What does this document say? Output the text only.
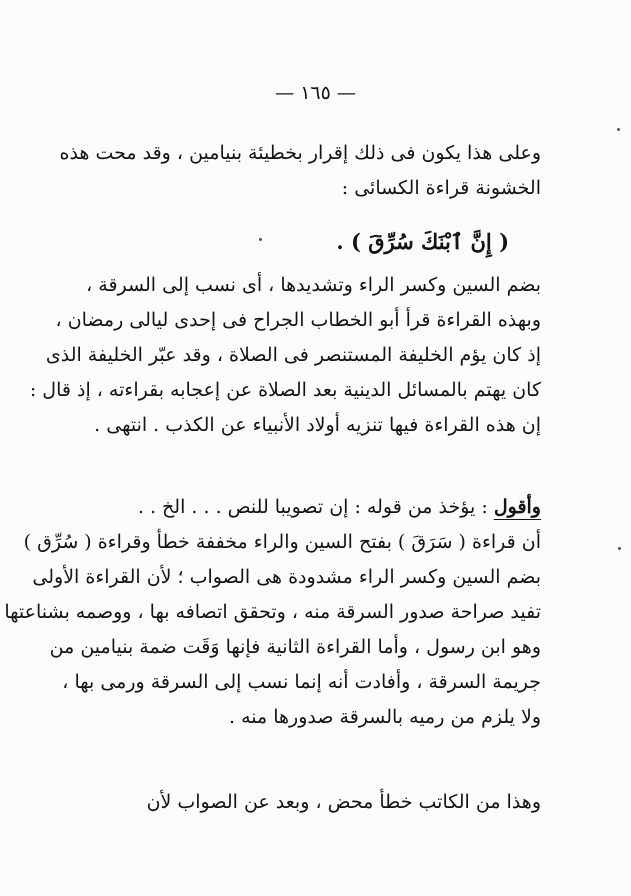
— ١٦٥ —
وعلى هذا يكون فى ذلك إقرار بخطيئة بنيامين ، وقد محت هذه
الخشونة قراءة الكسائى :
( إِنَّ ٱبْنَكَ سُرِّقَ ) .
بضم السين وكسر الراء وتشديدها ، أى نسب إلى السرقة ،
وبهذه القراءة قرأ أبو الخطاب الجراح فى إحدى ليالى رمضان ،
إذ كان يؤم الخليفة المستنصر فى الصلاة ، وقد عبّر الخليفة الذى
كان يهتم بالمسائل الدينية بعد الصلاة عن إعجابه بقراءته ، إذ قال :
إن هذه القراءة فيها تنزيه أولاد الأنبياء عن الكذب . انتهى .
وأقول : يؤخذ من قوله : إن تصويبا للنص . . . الخ . .
أن قراءة ( سَرَقَ ) بفتح السين والراء مخففة خطأ وقراءة ( سُرِّق )
بضم السين وكسر الراء مشدودة هى الصواب ؛ لأن القراءة الأولى
تفيد صراحة صدور السرقة منه ، وتحقق اتصافه بها ، ووصمه بشناعتها
وهو ابن رسول ، وأما القراءة الثانية فإنها وَقَت ضمة بنيامين من
جريمة السرقة ، وأفادت أنه إنما نسب إلى السرقة ورمى بها ،
ولا يلزم من رميه بالسرقة صدورها منه .
وهذا من الكاتب خطأ محض ، وبعد عن الصواب لأن
